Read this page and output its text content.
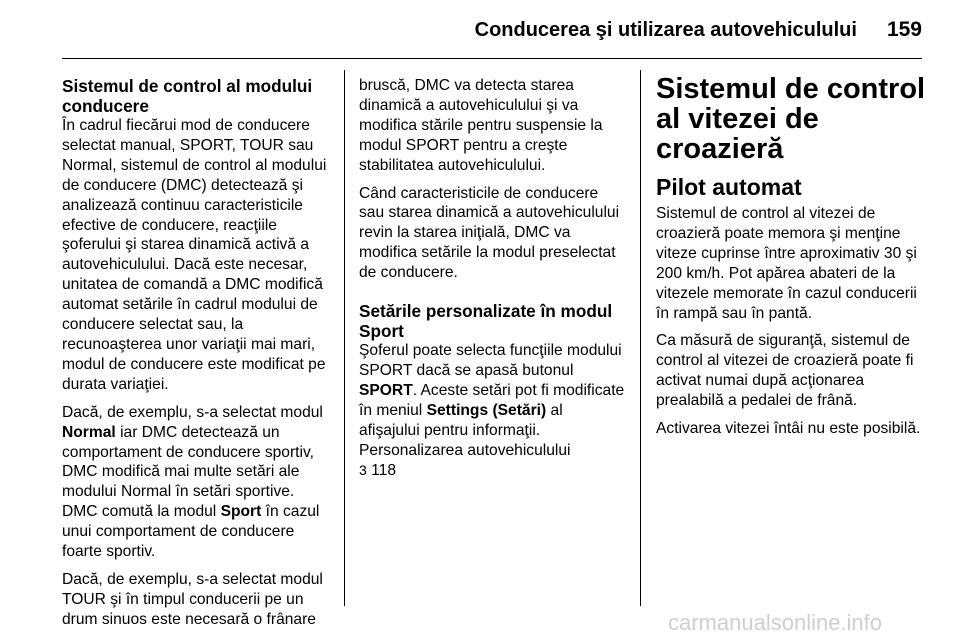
Conducerea şi utilizarea autovehiculului 159
Sistemul de control al modului conducere

În cadrul fiecărui mod de conducere selectat manual, SPORT, TOUR sau Normal, sistemul de control al modului de conducere (DMC) detectează şi analizează continuu caracteristicile efective de conducere, reacţiile şoferului şi starea dinamică activă a autovehiculului. Dacă este necesar, unitatea de comandă a DMC modifică automat setările în cadrul modului de conducere selectat sau, la recunoaşterea unor variaţii mai mari, modul de conducere este modificat pe durata variaţiei.

Dacă, de exemplu, s-a selectat modul Normal iar DMC detectează un comportament de conducere sportiv, DMC modifică mai multe setări ale modului Normal în setări sportive. DMC comută la modul Sport în cazul unui comportament de conducere foarte sportiv.

Dacă, de exemplu, s-a selectat modul TOUR şi în timpul conducerii pe un drum sinuos este necesară o frânare

bruscă, DMC va detecta starea dinamică a autovehiculului şi va modifica stările pentru suspensie la modul SPORT pentru a creşte stabilitatea autovehiculului.

Când caracteristicile de conducere sau starea dinamică a autovehiculului revin la starea iniţială, DMC va modifica setările la modul preselectat de conducere.

Setările personalizate în modul Sport

Şoferul poate selecta funcţiile modului SPORT dacă se apasă butonul SPORT. Aceste setări pot fi modificate în meniul Settings (Setări) al afişajului pentru informaţii. Personalizarea autovehiculului
3 118

Sistemul de control al vitezei de croazieră
Pilot automat

Sistemul de control al vitezei de croazieră poate memora şi menţine viteze cuprinse între aproximativ 30 şi 200 km/h. Pot apărea abateri de la vitezele memorate în cazul conducerii în rampă sau în pantă.

Ca măsură de siguranţă, sistemul de control al vitezei de croazieră poate fi activat numai după acţionarea prealabilă a pedalei de frână.

Activarea vitezei întâi nu este posibilă.

carmanualsonline.info
